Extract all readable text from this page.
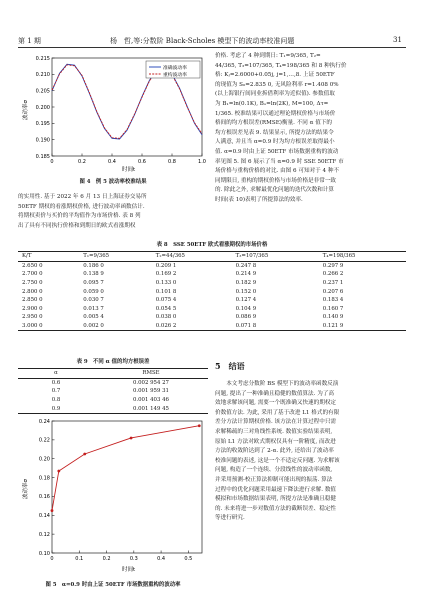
第 1 期	杨　哲,等:分数阶 Black-Scholes 模型下的波动率校准问题	31
0.215
0.210
0.205
0.200
0.195
0.190
0.185
0	0.2	0.4	0.6	0.8	1.0
准确波动率
重构波动率
波动率σ
时间t
图 4　例 5 波动率校准结果

的实用性. 基于 2022 年 6 月 13 日上海证券交易所

50ETF 期权的看涨期权价格, 进行波动率函数估计.

将期权卖价与买价的平均值作为市场价格. 表 8 列

出了具有不同执行价格和到期日的欧式看涨期权

价格. 考虑了 4 种到期日: T₁=9/365, T₂=

44/365, T₃=107/365, T₄=198/365 和 8 种执行价

格: Kⱼ=2.6000+0.05j, j=1,…,8. 上证 50ETF

的现值为 S₀=2.835 0, 无风险利率 r=1.408 0%

(以上海银行间同业拆借利率为近似值). 参数值取

为 B₁=ln(0.1K), Bᵤ=ln(2K), M=100, Δτ=

1/365. 校准结果可以通过理论期权价格与市场价

格间的均方根误差(RMSE)衡量. 不同 α 值下的

均方根误差见表 9. 结果显示, 所提方法的结果令

人满意, 并且当 α=0.9 时为均方根误差取得最小

值. α=0.9 时由上证 50ETF 市场数据重构的波动

率见图 5. 图 6 展示了当 α=0.9 时 SSE 50ETF 市

场价格与重构价格的对比. 由图 6 可知对于 4 种不

同期限日, 重构的期权价格与市场价格是非常一致

的. 除此之外, 求解最优化问题的迭代次数和计算

时间(表 10)表明了所提算法的效率.

表 8　SSE 50ETF 欧式看涨期权的市场价格
K/T	T₁=9/365	T₂=44/365	T₃=107/365	T₄=198/365
2.650 0	0.186 0	0.209 1	0.247 8	0.297 9
2.700 0	0.138 9	0.169 2	0.214 9	0.266 2
2.750 0	0.095 7	0.133 0	0.182 9	0.237 1
2.800 0	0.059 0	0.101 8	0.152 0	0.207 6
2.850 0	0.030 7	0.075 4	0.127 4	0.183 4
2.900 0	0.013 7	0.054 5	0.104 9	0.160 7
2.950 0	0.005 4	0.038 0	0.086 9	0.140 9
3.000 0	0.002 0	0.026 2	0.071 8	0.121 9
表 9　不同 α 值的均方根误差
α	RMSE
0.6	0.002 954 27
0.7	0.001 959 31
0.8	0.001 403 46
0.9	0.001 149 45
0.24
0.22
0.20
0.18
0.16
0.14
0.12
0.10
0	0.1	0.2	0.3	0.4	0.5
波动率σ
时间t
图 5　α=0.9 时由上证 50ETF 市场数据重构的波动率
5　结语

　　本文考虑分数阶 BS 模型下的波动率函数反演

问题, 提出了一种准确且稳健的数值算法. 为了高

效地求解该问题, 需要一个既准确又快速的期权定

价数值方法. 为此, 采用了基于改进 L1 格式的有限

差分方法计算期权价格. 该方法在计算过程中只需

求解稀疏的三对角线性系统. 数值实验结果表明,

原始 L1 方法对欧式期权仅具有一阶精度, 而改进

方法的收敛阶达到了 2-α. 此外, 还给出了波动率

校准问题的表述, 这是一个不适定反问题. 为求解该

问题, 构造了一个连续、分段线性的波动率函数,

并采用预测-校正算法抑制可能出现的振荡. 算法

过程中的优化问题采用最速下降法进行求解. 数值

模拟和市场数据结果表明, 所提方法是准确且稳健

的. 未来将进一步对数值方法的截断误差、稳定性

等进行研究.
